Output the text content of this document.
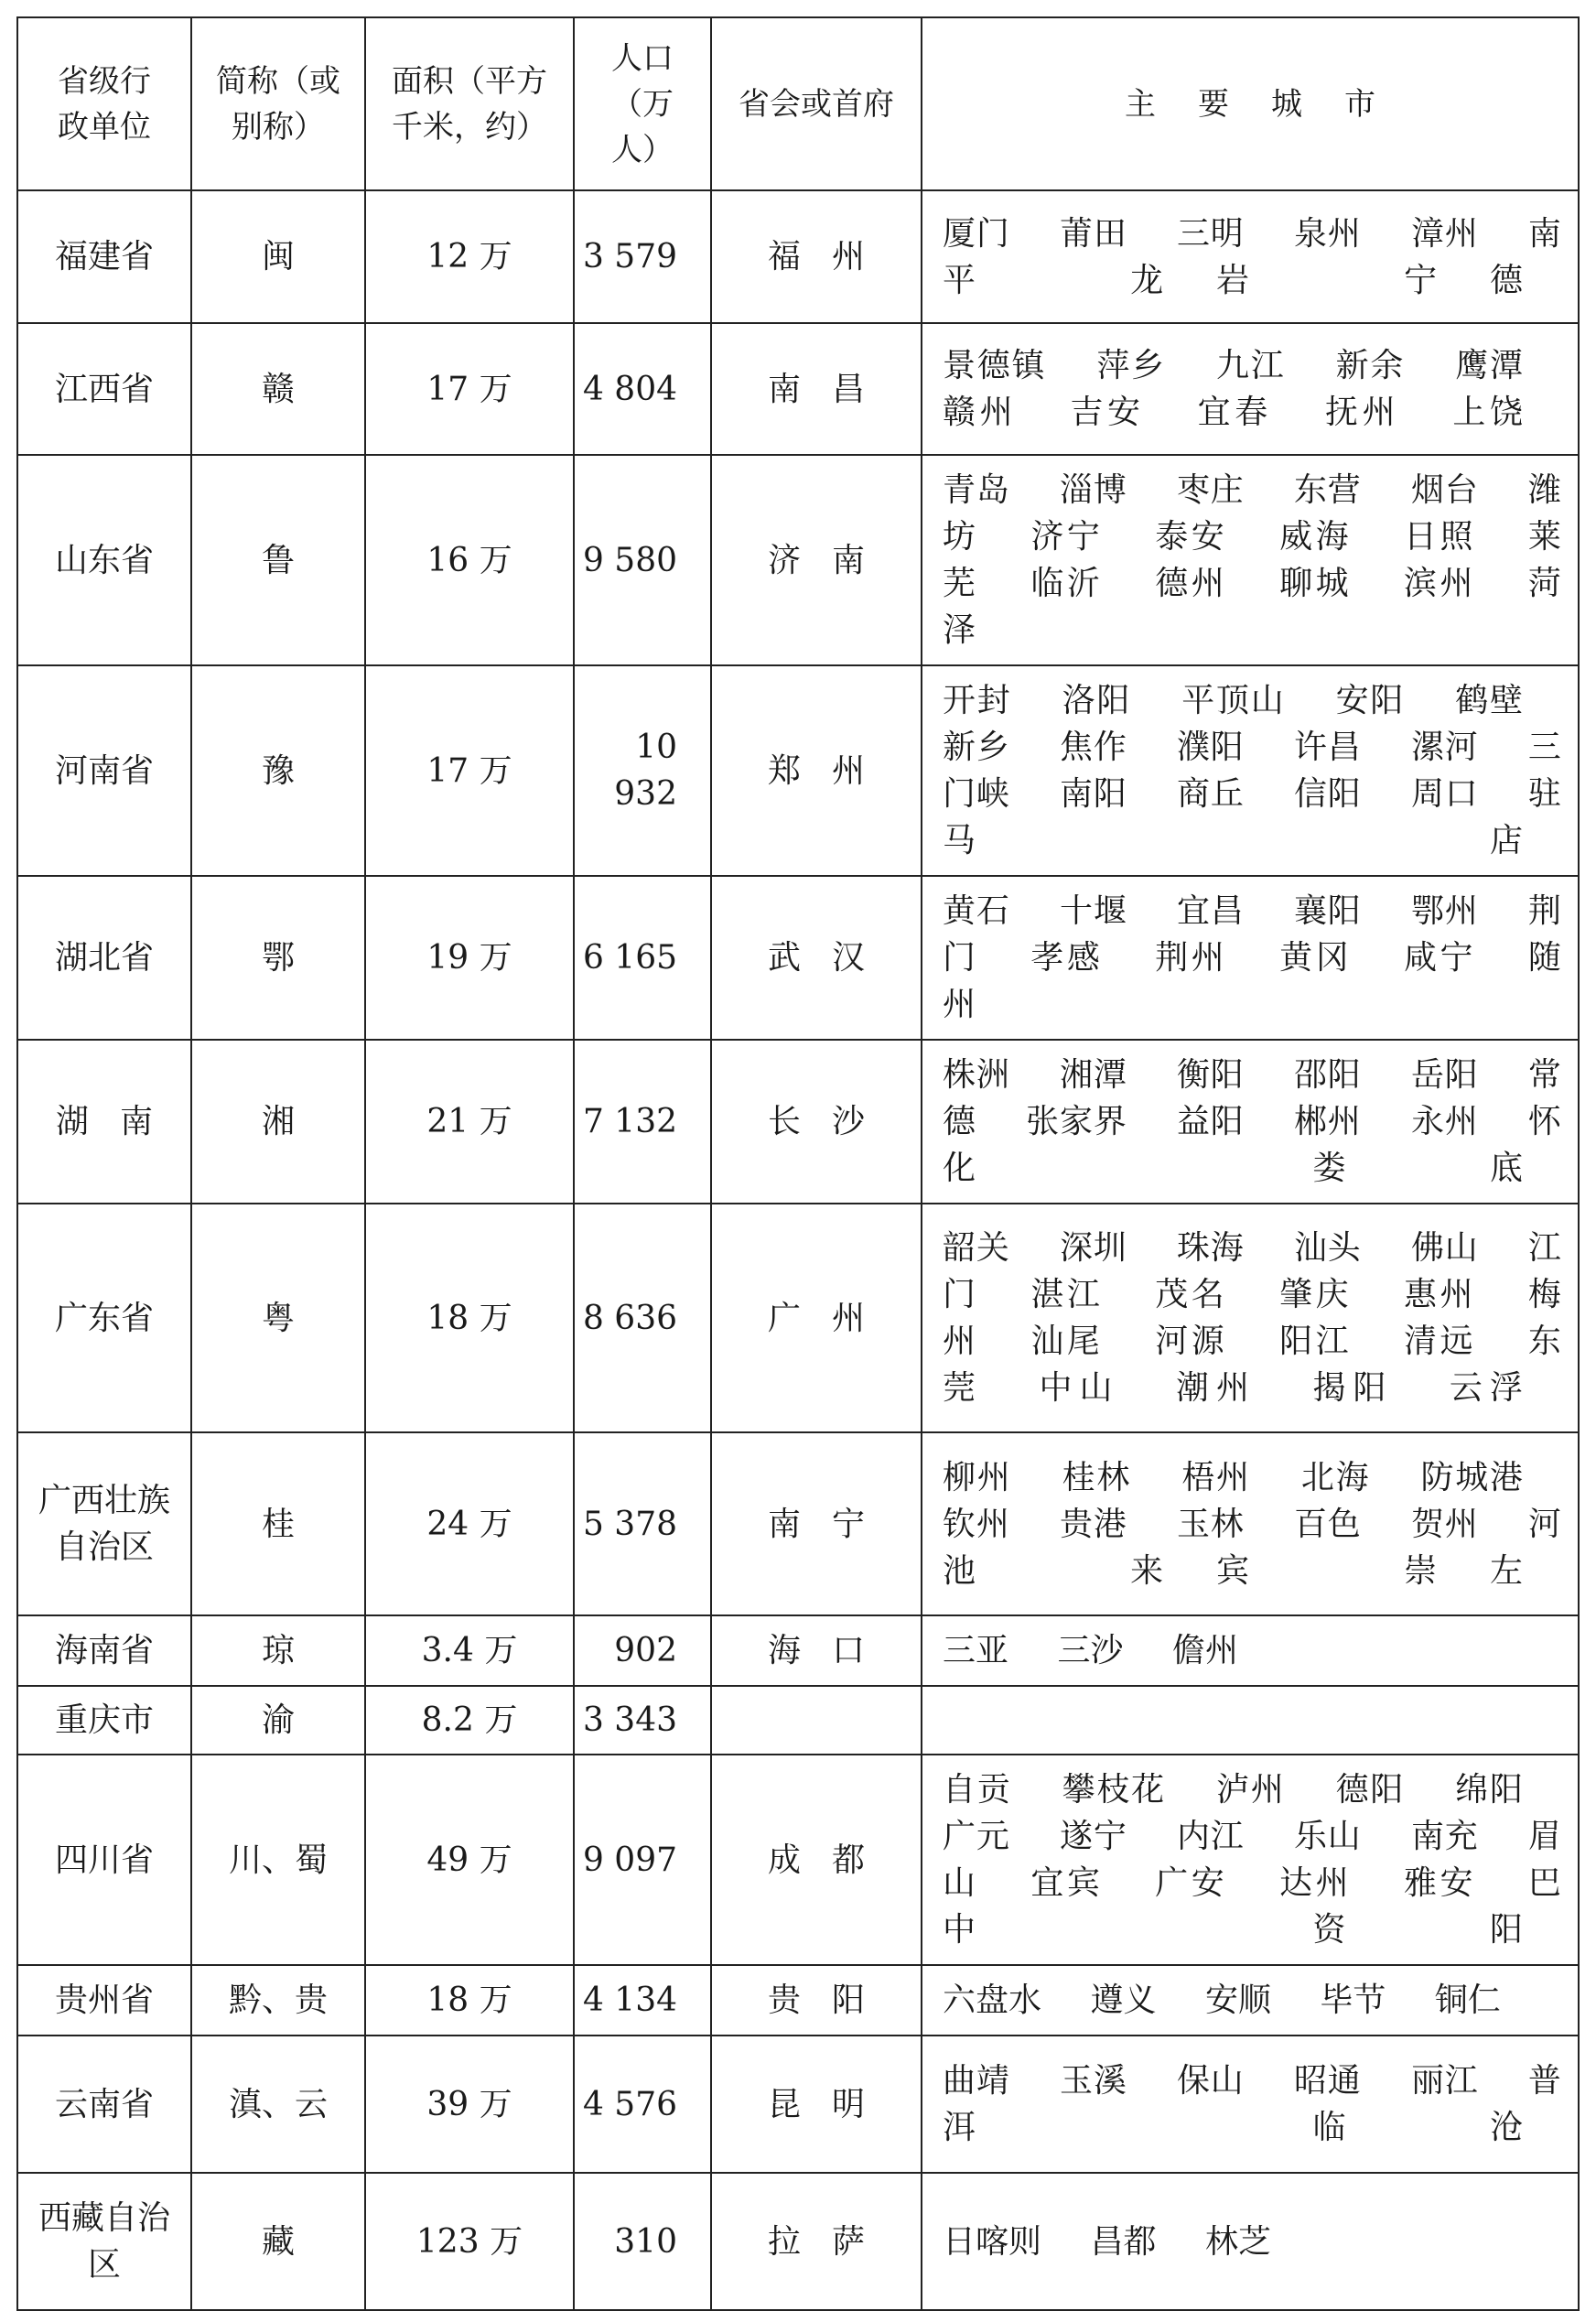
省级行政单位	简称（或别称）	面积（平方千米，约）	人口（万人）	省会或首府	主要城市
福建省	闽	12 万	3 579	福州	厦门 莆田 三明 泉州 漳州 南平 龙岩 宁德
江西省	赣	17 万	4 804	南昌	景德镇 萍乡 九江 新余 鹰潭 赣州 吉安 宜春 抚州 上饶
山东省	鲁	16 万	9 580	济南	青岛 淄博 枣庄 东营 烟台 潍坊 济宁 泰安 威海 日照 莱芜 临沂 德州 聊城 滨州 菏泽
河南省	豫	17 万	10 932	郑州	开封 洛阳 平顶山 安阳 鹤壁 新乡 焦作 濮阳 许昌 漯河 三门峡 南阳 商丘 信阳 周口 驻马店
湖北省	鄂	19 万	6 165	武汉	黄石 十堰 宜昌 襄阳 鄂州 荆门 孝感 荆州 黄冈 咸宁 随州
湖南	湘	21 万	7 132	长沙	株洲 湘潭 衡阳 邵阳 岳阳 常德 张家界 益阳 郴州 永州 怀化 娄底
广东省	粤	18 万	8 636	广州	韶关 深圳 珠海 汕头 佛山 江门 湛江 茂名 肇庆 惠州 梅州 汕尾 河源 阳江 清远 东莞 中山 潮州 揭阳 云浮
广西壮族自治区	桂	24 万	5 378	南宁	柳州 桂林 梧州 北海 防城港 钦州 贵港 玉林 百色 贺州 河池 来宾 崇左
海南省	琼	3.4 万	902	海口	三亚 三沙 儋州
重庆市	渝	8.2 万	3 343		
四川省	川、蜀	49 万	9 097	成都	自贡 攀枝花 泸州 德阳 绵阳 广元 遂宁 内江 乐山 南充 眉山 宜宾 广安 达州 雅安 巴中 资阳
贵州省	黔、贵	18 万	4 134	贵阳	六盘水 遵义 安顺 毕节 铜仁
云南省	滇、云	39 万	4 576	昆明	曲靖 玉溪 保山 昭通 丽江 普洱 临沧
西藏自治区	藏	123 万	310	拉萨	日喀则 昌都 林芝
